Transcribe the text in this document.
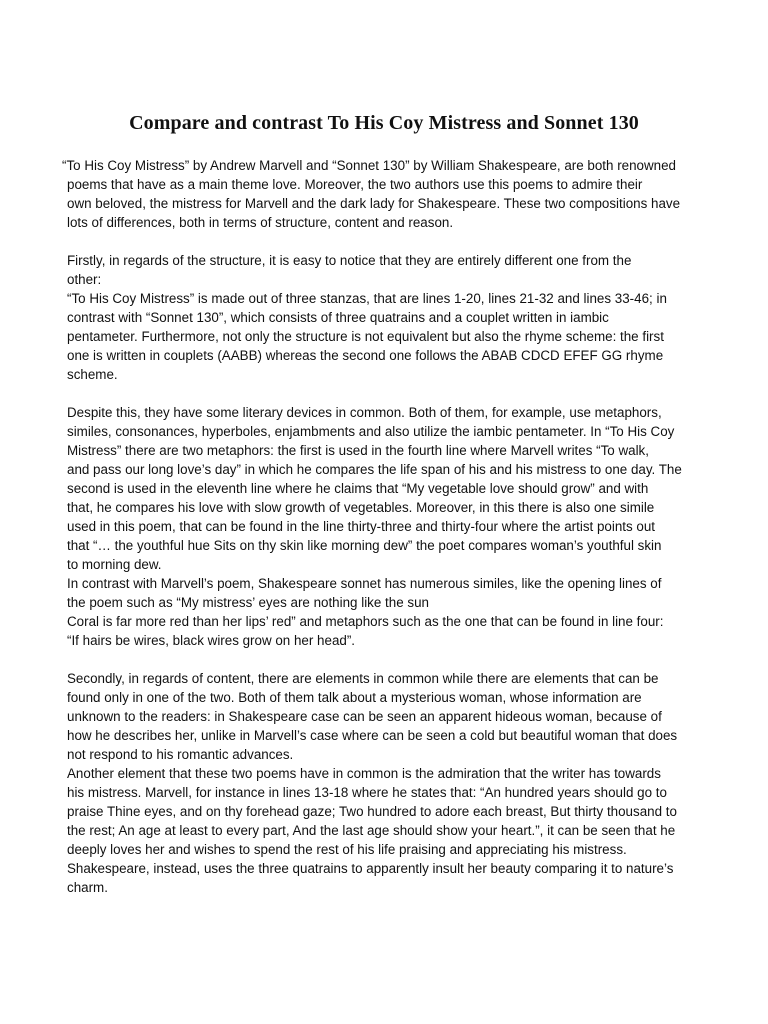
Compare and contrast To His Coy Mistress and Sonnet 130

“To His Coy Mistress” by Andrew Marvell and “Sonnet 130” by William Shakespeare, are both renowned
poems that have as a main theme love. Moreover, the two authors use this poems to admire their
own beloved, the mistress for Marvell and the dark lady for Shakespeare. These two compositions have
lots of differences, both in terms of structure, content and reason.

Firstly, in regards of the structure, it is easy to notice that they are entirely different one from the
other:

“To His Coy Mistress” is made out of three stanzas, that are lines 1-20, lines 21-32 and lines 33-46; in
contrast with “Sonnet 130”, which consists of three quatrains and a couplet written in iambic
pentameter. Furthermore, not only the structure is not equivalent but also the rhyme scheme: the first
one is written in couplets (AABB) whereas the second one follows the ABAB CDCD EFEF GG rhyme
scheme.

Despite this, they have some literary devices in common. Both of them, for example, use metaphors,
similes, consonances, hyperboles, enjambments and also utilize the iambic pentameter. In “To His Coy
Mistress” there are two metaphors: the first is used in the fourth line where Marvell writes “To walk,
and pass our long love’s day” in which he compares the life span of his and his mistress to one day. The
second is used in the eleventh line where he claims that “My vegetable love should grow” and with
that, he compares his love with slow growth of vegetables. Moreover, in this there is also one simile
used in this poem, that can be found in the line thirty-three and thirty-four where the artist points out
that “… the youthful hue Sits on thy skin like morning dew” the poet compares woman’s youthful skin
to morning dew.

In contrast with Marvell’s poem, Shakespeare sonnet has numerous similes, like the opening lines of
the poem such as “My mistress’ eyes are nothing like the sun
Coral is far more red than her lips’ red” and metaphors such as the one that can be found in line four:
“If hairs be wires, black wires grow on her head”.

Secondly, in regards of content, there are elements in common while there are elements that can be
found only in one of the two. Both of them talk about a mysterious woman, whose information are
unknown to the readers: in Shakespeare case can be seen an apparent hideous woman, because of
how he describes her, unlike in Marvell’s case where can be seen a cold but beautiful woman that does
not respond to his romantic advances.

Another element that these two poems have in common is the admiration that the writer has towards
his mistress. Marvell, for instance in lines 13-18 where he states that: “An hundred years should go to
praise Thine eyes, and on thy forehead gaze; Two hundred to adore each breast, But thirty thousand to
the rest; An age at least to every part, And the last age should show your heart.”, it can be seen that he
deeply loves her and wishes to spend the rest of his life praising and appreciating his mistress.
Shakespeare, instead, uses the three quatrains to apparently insult her beauty comparing it to nature’s
charm.
